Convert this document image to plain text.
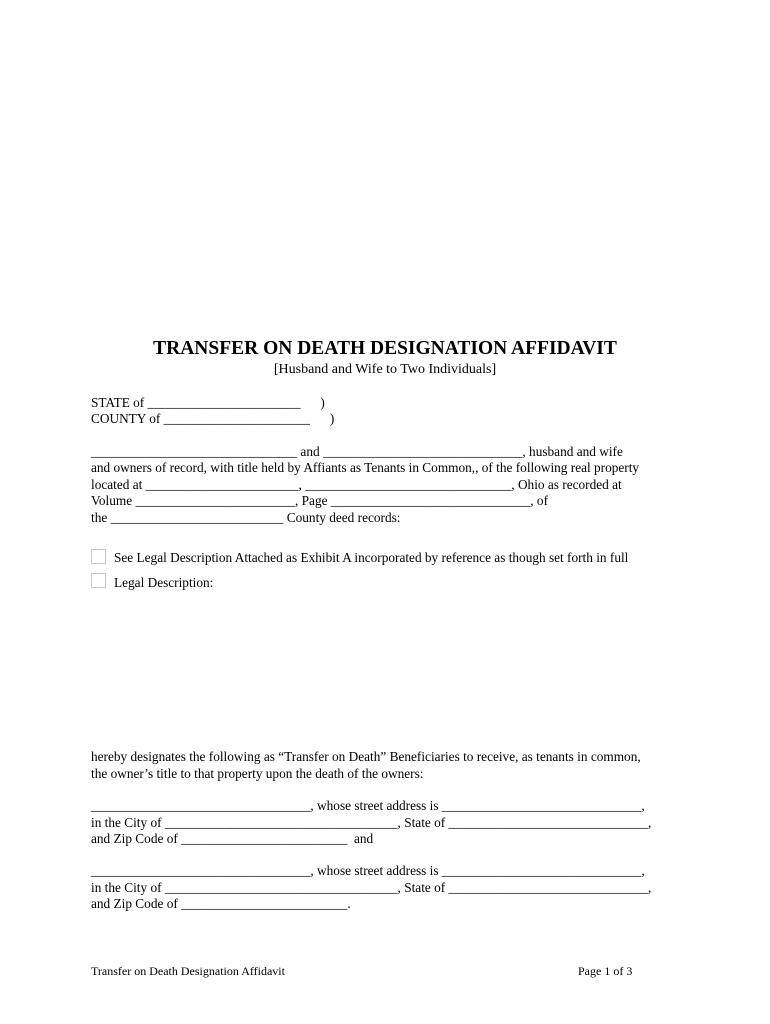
TRANSFER ON DEATH DESIGNATION AFFIDAVIT
[Husband and Wife to Two Individuals]
STATE of _______________________      )
COUNTY of ______________________      )
_______________________________ and ______________________________, husband and wife
and owners of record, with title held by Affiants as Tenants in Common,, of the following real property
located at _______________________, _______________________________, Ohio as recorded at
Volume ________________________, Page ______________________________, of
the __________________________ County deed records:
See Legal Description Attached as Exhibit A incorporated by reference as though set forth in full
Legal Description:
hereby designates the following as “Transfer on Death” Beneficiaries to receive, as tenants in common,
the owner’s title to that property upon the death of the owners:
_________________________________, whose street address is ______________________________,
in the City of ___________________________________, State of ______________________________,
and Zip Code of _________________________  and
_________________________________, whose street address is ______________________________,
in the City of ___________________________________, State of ______________________________,
and Zip Code of _________________________.
Transfer on Death Designation Affidavit	Page 1 of 3
